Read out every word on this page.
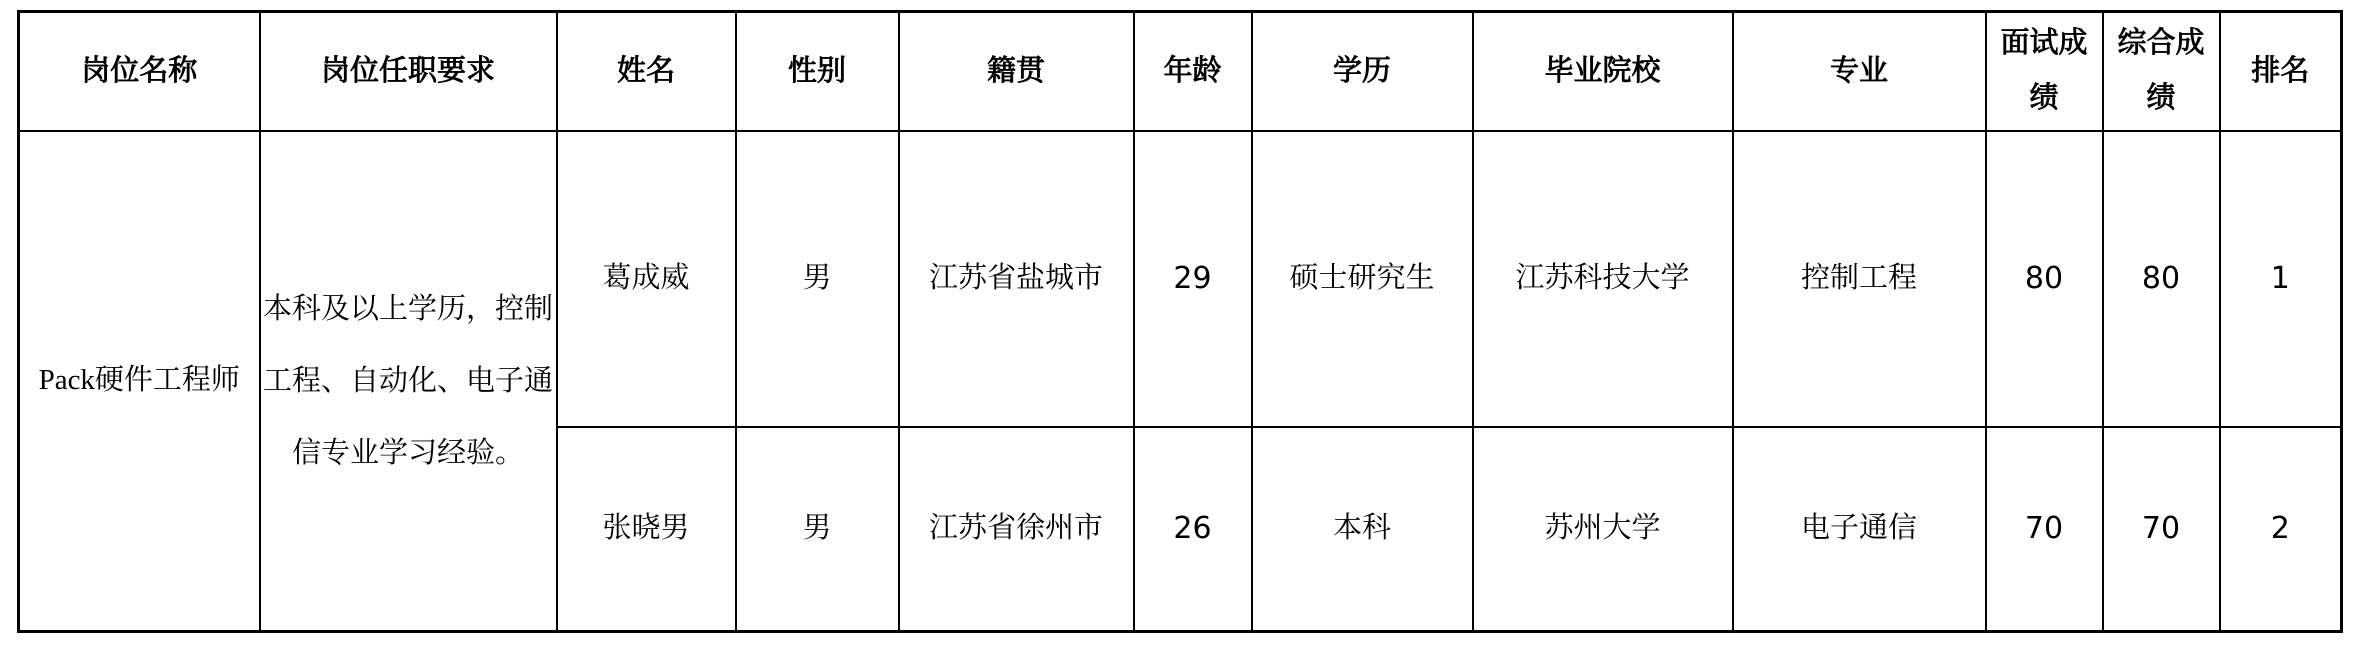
岗位名称	岗位任职要求	姓名	性别	籍贯	年龄	学历	毕业院校	专业	面试成绩	综合成绩	排名
Pack硬件工程师	本科及以上学历，控制工程、自动化、电子通信专业学习经验。	葛成威	男	江苏省盐城市	29	硕士研究生	江苏科技大学	控制工程	80	80	1
		张晓男	男	江苏省徐州市	26	本科	苏州大学	电子通信	70	70	2
